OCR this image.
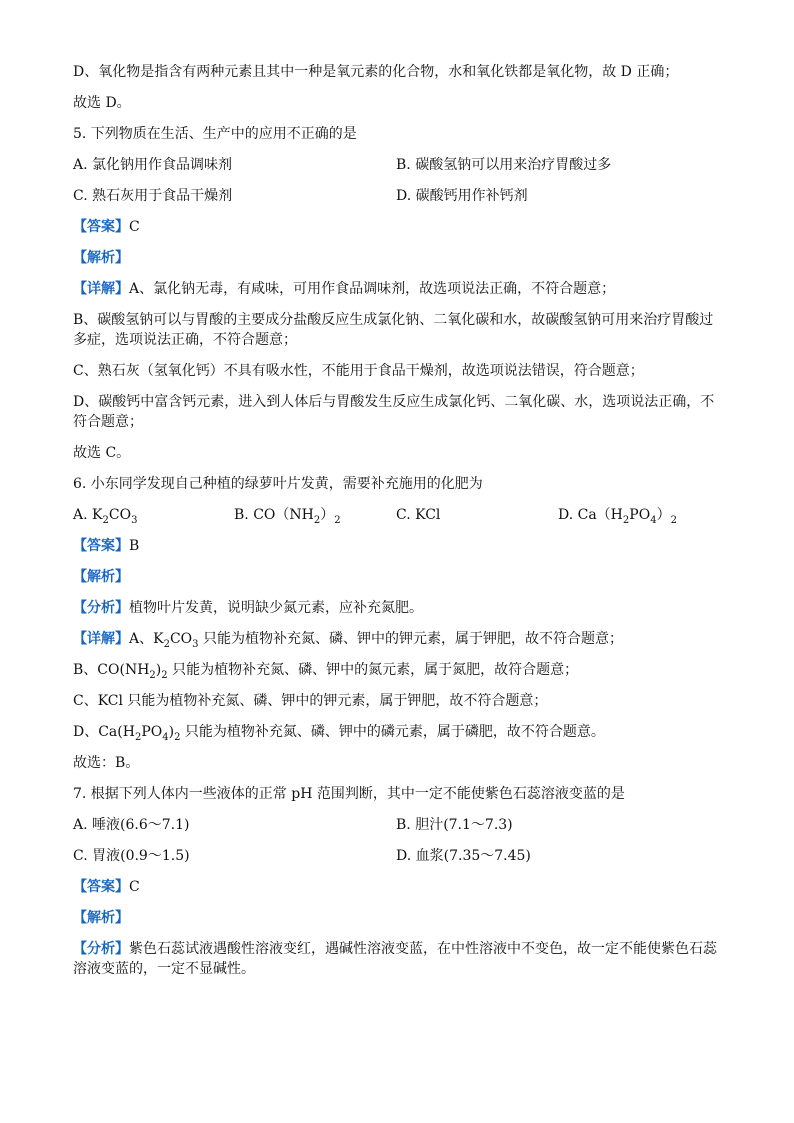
D、氧化物是指含有两种元素且其中一种是氧元素的化合物，水和氧化铁都是氧化物，故 D 正确；
故选 D。
5. 下列物质在生活、生产中的应用不正确的是
A. 氯化钠用作食品调味剂	B. 碳酸氢钠可以用来治疗胃酸过多
C. 熟石灰用于食品干燥剂	D. 碳酸钙用作补钙剂
【答案】C
【解析】
【详解】A、氯化钠无毒，有咸味，可用作食品调味剂，故选项说法正确，不符合题意；
B、碳酸氢钠可以与胃酸的主要成分盐酸反应生成氯化钠、二氧化碳和水，故碳酸氢钠可用来治疗胃酸过多症，选项说法正确，不符合题意；
C、熟石灰（氢氧化钙）不具有吸水性，不能用于食品干燥剂，故选项说法错误，符合题意；
D、碳酸钙中富含钙元素，进入到人体后与胃酸发生反应生成氯化钙、二氧化碳、水，选项说法正确，不符合题意；
故选 C。
6. 小东同学发现自己种植的绿萝叶片发黄，需要补充施用的化肥为
A. $K_2CO_3$	B. $CO(NH_2)_2$	C. KCl	D. $Ca(H_2PO_4)_2$
【答案】B
【解析】
【分析】植物叶片发黄，说明缺少氮元素，应补充氮肥。
【详解】A、$K_2CO_3$ 只能为植物补充氮、磷、钾中的钾元素，属于钾肥，故不符合题意；
B、$CO(NH_2)_2$ 只能为植物补充氮、磷、钾中的氮元素，属于氮肥，故符合题意；
C、KCl 只能为植物补充氮、磷、钾中的钾元素，属于钾肥，故不符合题意；
D、$Ca(H_2PO_4)_2$ 只能为植物补充氮、磷、钾中的磷元素，属于磷肥，故不符合题意。
故选：B。
7. 根据下列人体内一些液体的正常 pH 范围判断，其中一定不能使紫色石蕊溶液变蓝的是
A. 唾液(6.6～7.1)	B. 胆汁(7.1～7.3)
C. 胃液(0.9～1.5)	D. 血浆(7.35～7.45)
【答案】C
【解析】
【分析】紫色石蕊试液遇酸性溶液变红，遇碱性溶液变蓝，在中性溶液中不变色，故一定不能使紫色石蕊溶液变蓝的，一定不显碱性。
